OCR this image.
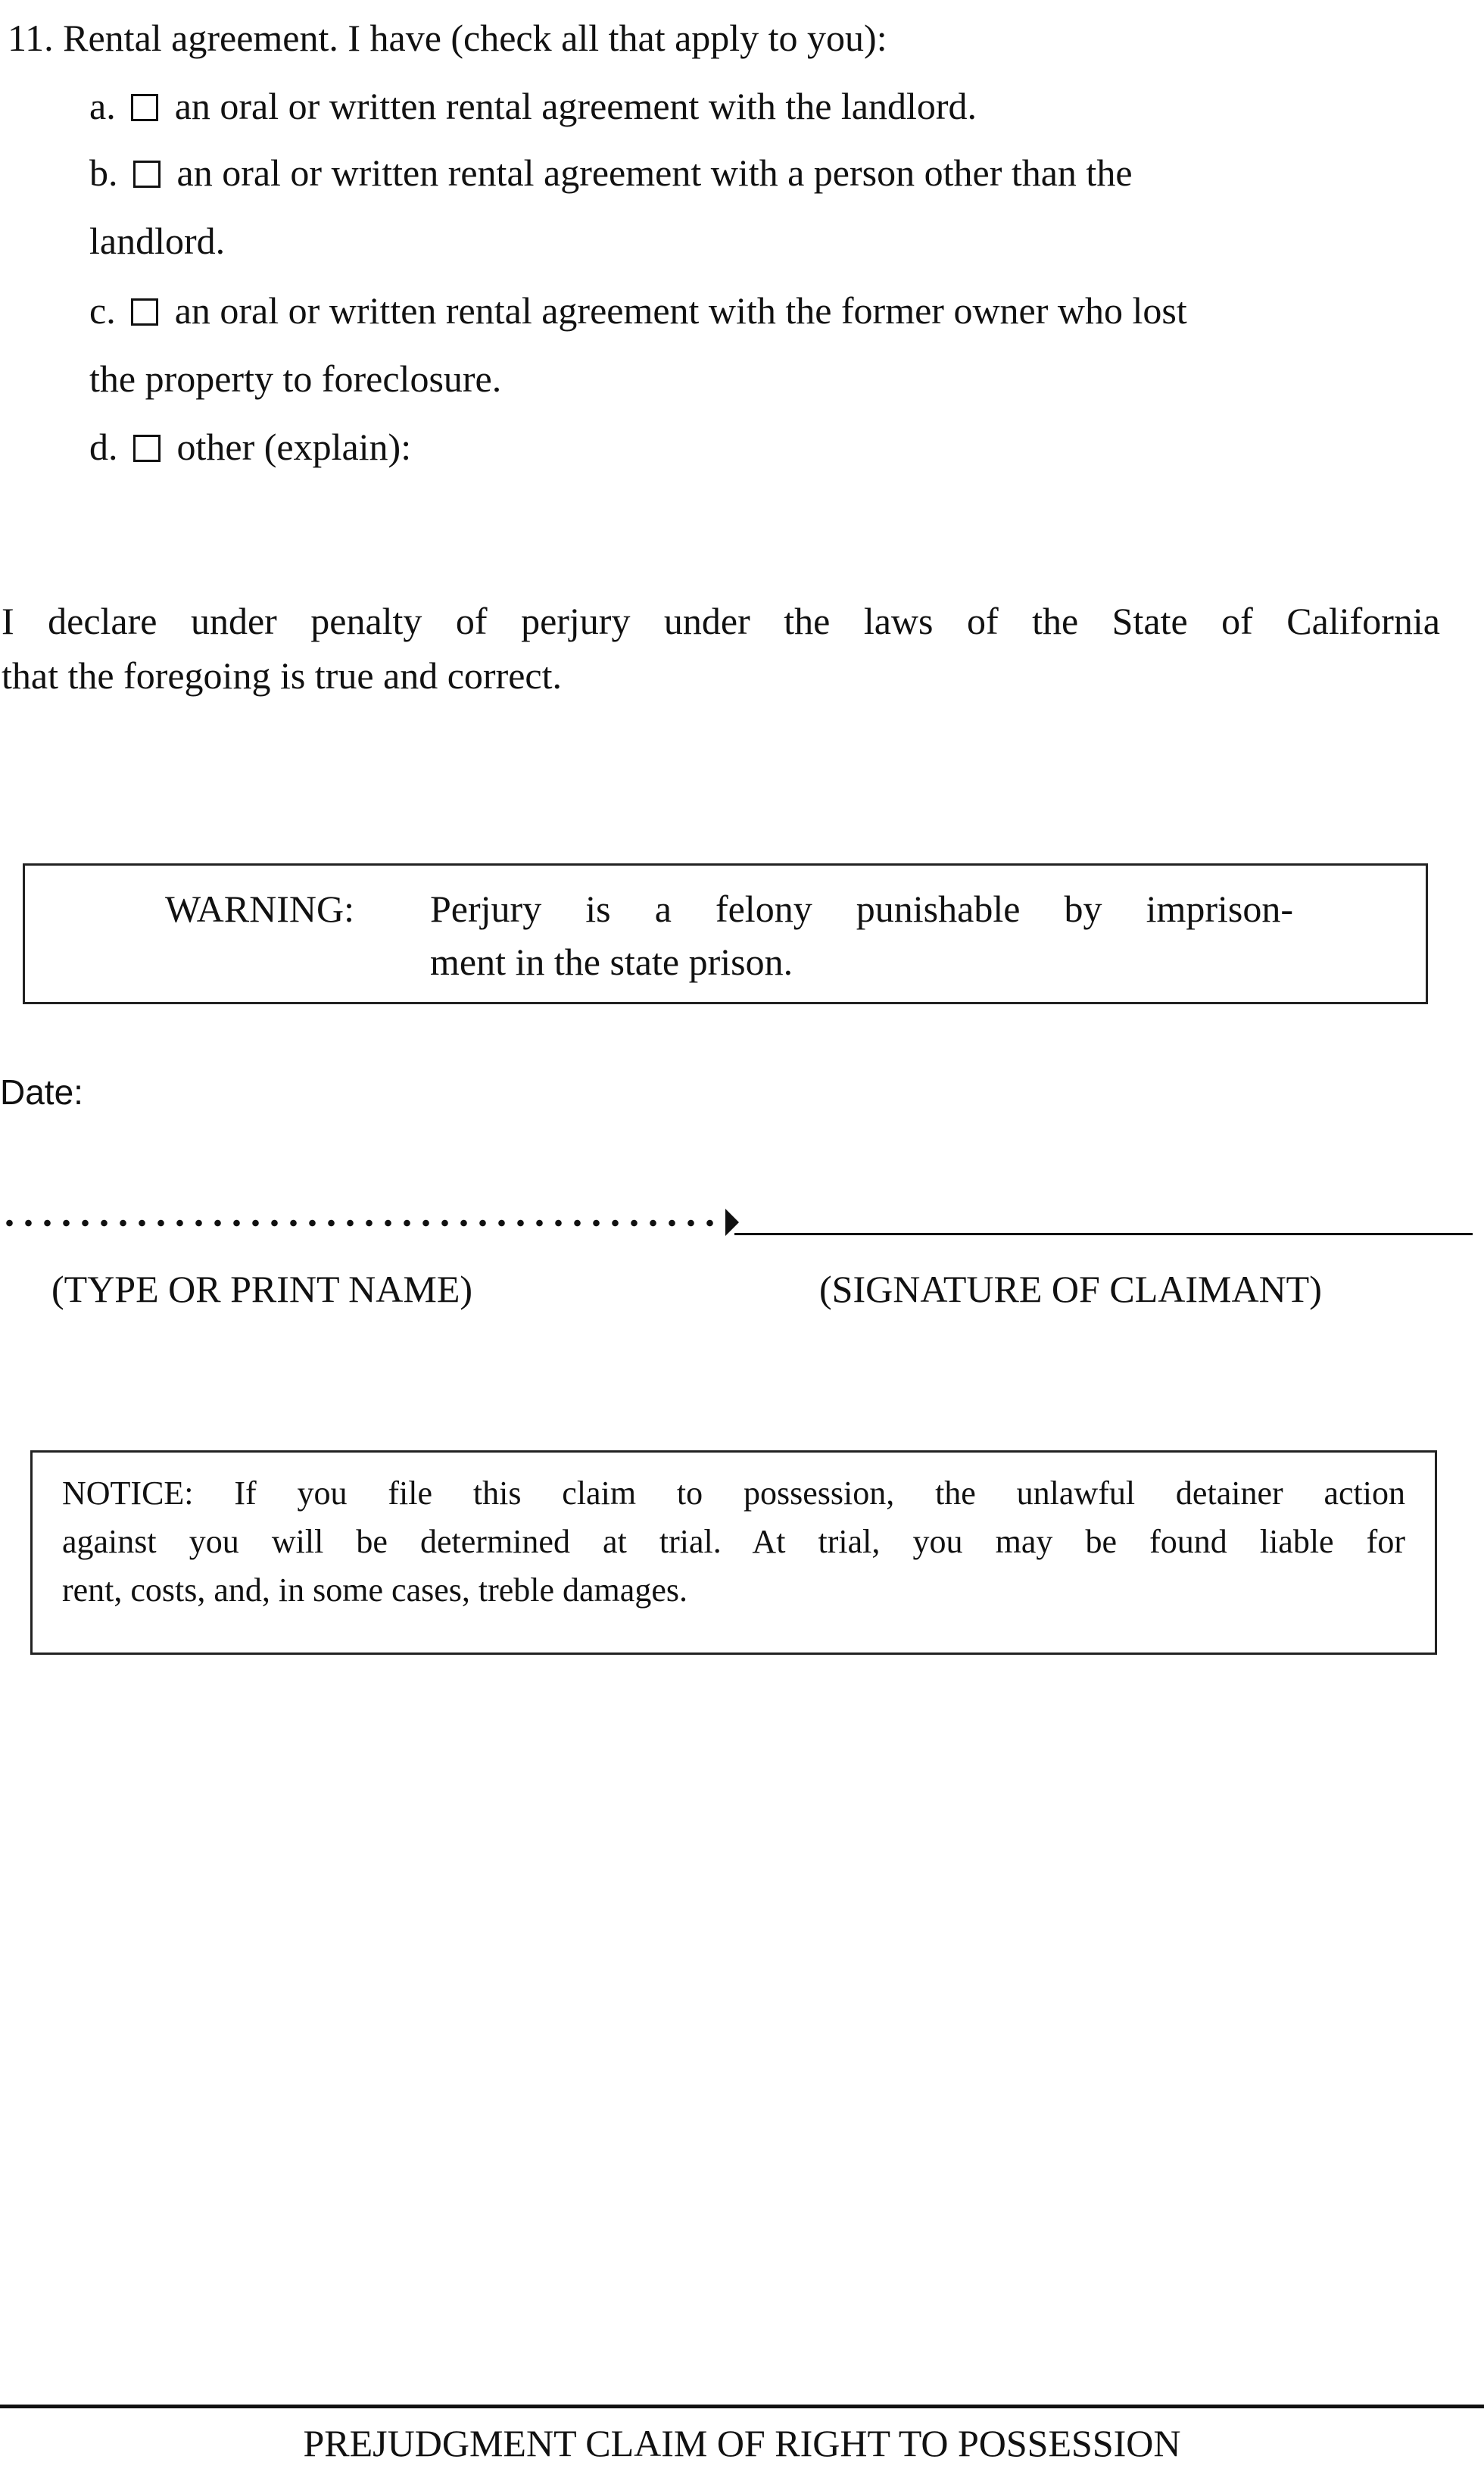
11. Rental agreement. I have (check all that apply to you):
a. an oral or written rental agreement with the landlord.
b. an oral or written rental agreement with a person other than the
landlord.
c. an oral or written rental agreement with the former owner who lost
the property to foreclosure.
d. other (explain):
I declare under penalty of perjury under the laws of the State of California
that the foregoing is true and correct.
WARNING: Perjury is a felony punishable by imprison-
ment in the state prison.
Date:
(TYPE OR PRINT NAME)	(SIGNATURE OF CLAIMANT)
NOTICE: If you file this claim to possession, the unlawful detainer action
against you will be determined at trial. At trial, you may be found liable for
rent, costs, and, in some cases, treble damages.
PREJUDGMENT CLAIM OF RIGHT TO POSSESSION
